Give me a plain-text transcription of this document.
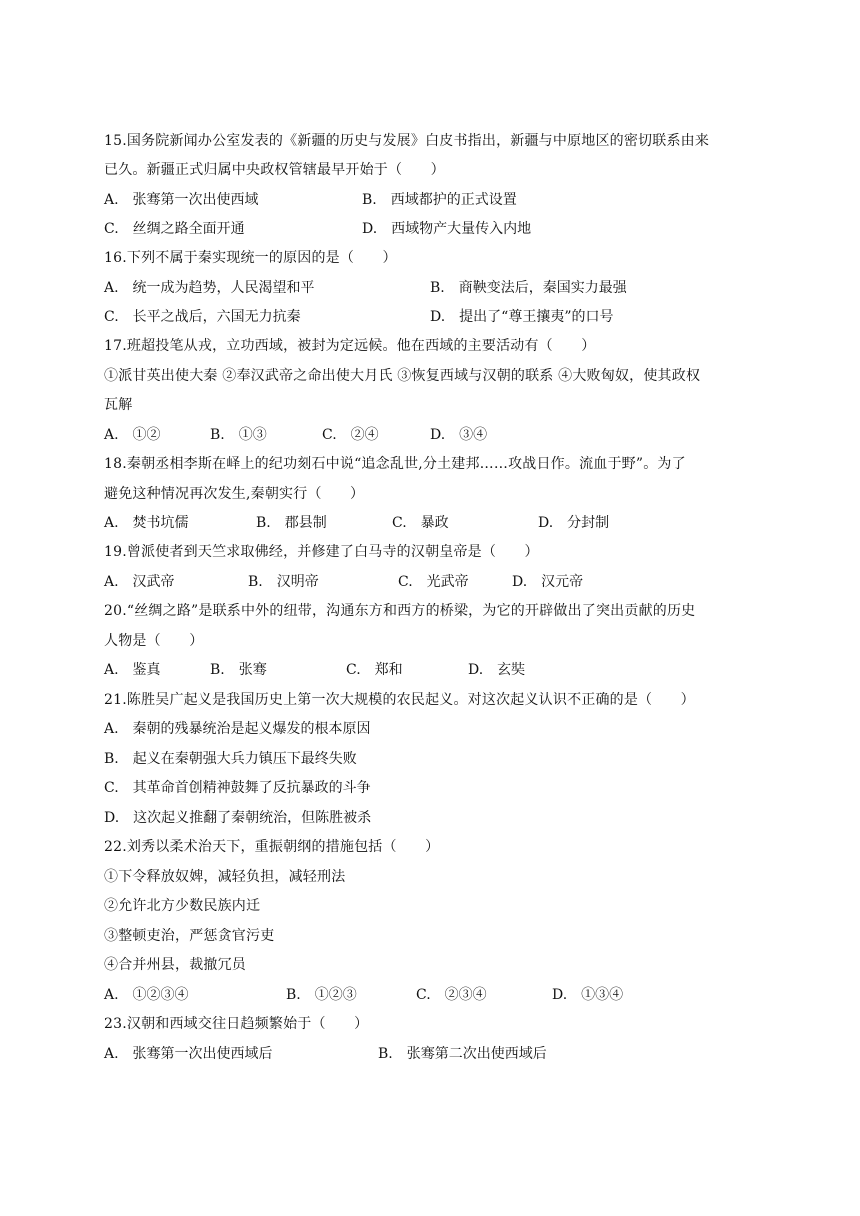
15.国务院新闻办公室发表的《新疆的历史与发展》白皮书指出，新疆与中原地区的密切联系由来
已久。新疆正式归属中央政权管辖最早开始于（　　）
A.　张骞第一次出使西域	B.　西域都护的正式设置
C.　丝绸之路全面开通	D.　西域物产大量传入内地
16.下列不属于秦实现统一的原因的是（　　）
A.　统一成为趋势，人民渴望和平	B.　商鞅变法后，秦国实力最强
C.　长平之战后，六国无力抗秦	D.　提出了“尊王攘夷”的口号
17.班超投笔从戎，立功西域，被封为定远候。他在西域的主要活动有（　　）
①派甘英出使大秦 ②奉汉武帝之命出使大月氏 ③恢复西域与汉朝的联系 ④大败匈奴，使其政权
瓦解
A.　①②	B.　①③	C.　②④	D.　③④
18.秦朝丞相李斯在峄上的纪功刻石中说“追念乱世,分土建邦……攻战日作。流血于野”。为了
避免这种情况再次发生,秦朝实行（　　）
A.　焚书坑儒	B.　郡县制	C.　暴政	D.　分封制
19.曾派使者到天竺求取佛经，并修建了白马寺的汉朝皇帝是（　　）
A.　汉武帝	B.　汉明帝	C.　光武帝	D.　汉元帝
20.“丝绸之路”是联系中外的纽带，沟通东方和西方的桥梁，为它的开辟做出了突出贡献的历史
人物是（　　）
A.　鉴真	B.　张骞	C.　郑和	D.　玄奘
21.陈胜吴广起义是我国历史上第一次大规模的农民起义。对这次起义认识不正确的是（　　）
A.　秦朝的残暴统治是起义爆发的根本原因
B.　起义在秦朝强大兵力镇压下最终失败
C.　其革命首创精神鼓舞了反抗暴政的斗争
D.　这次起义推翻了秦朝统治，但陈胜被杀
22.刘秀以柔术治天下，重振朝纲的措施包括（　　）
①下令释放奴婢，减轻负担，减轻刑法
②允许北方少数民族内迁
③整顿吏治，严惩贪官污吏
④合并州县，裁撤冗员
A.　①②③④	B.　①②③	C.　②③④	D.　①③④
23.汉朝和西域交往日趋频繁始于（　　）
A.　张骞第一次出使西域后	B.　张骞第二次出使西域后
